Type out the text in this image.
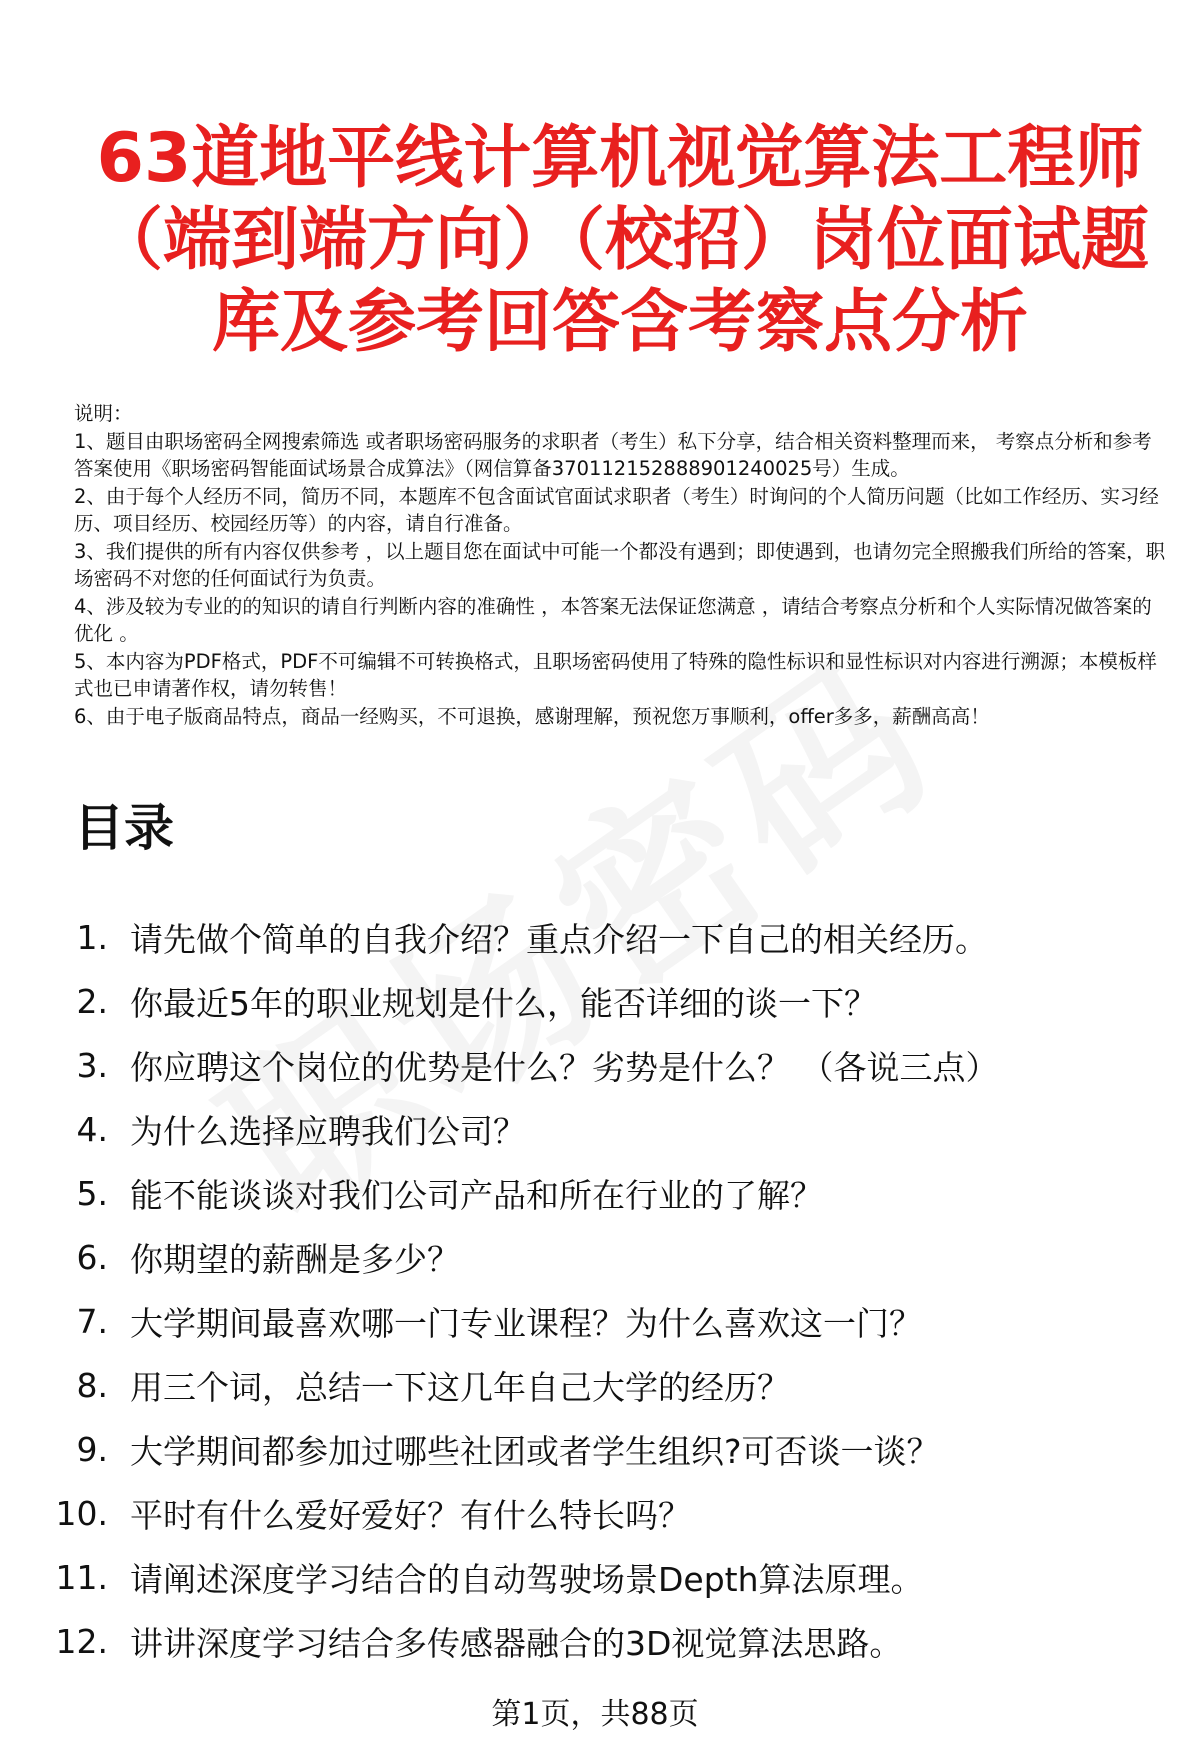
63道地平线计算机视觉算法工程师
（端到端方向）（校招）岗位面试题
库及参考回答含考察点分析

说明：

1、题目由职场密码全网搜索筛选 或者职场密码服务的求职者（考生）私下分享，结合相关资料整理而来， 考察点分析和参考答案使用《职场密码智能面试场景合成算法》（网信算备370112152888901240025号）生成。

2、由于每个人经历不同，简历不同，本题库不包含面试官面试求职者（考生）时询问的个人简历问题（比如工作经历、实习经历、项目经历、校园经历等）的内容，请自行准备。

3、我们提供的所有内容仅供参考 ，以上题目您在面试中可能一个都没有遇到；即使遇到，也请勿完全照搬我们所给的答案，职场密码不对您的任何面试行为负责。

4、涉及较为专业的的知识的请自行判断内容的准确性 ，本答案无法保证您满意 ，请结合考察点分析和个人实际情况做答案的优化 。

5、本内容为PDF格式，PDF不可编辑不可转换格式，且职场密码使用了特殊的隐性标识和显性标识对内容进行溯源；本模板样式也已申请著作权，请勿转售！

6、由于电子版商品特点，商品一经购买，不可退换，感谢理解，预祝您万事顺利，offer多多，薪酬高高！

目录
1. 请先做个简单的自我介绍？重点介绍一下自己的相关经历。
2. 你最近5年的职业规划是什么，能否详细的谈一下？
3. 你应聘这个岗位的优势是什么？劣势是什么？ （各说三点）
4. 为什么选择应聘我们公司？
5. 能不能谈谈对我们公司产品和所在行业的了解？
6. 你期望的薪酬是多少？
7. 大学期间最喜欢哪一门专业课程？为什么喜欢这一门？
8. 用三个词，总结一下这几年自己大学的经历？
9. 大学期间都参加过哪些社团或者学生组织?可否谈一谈？
10. 平时有什么爱好爱好？有什么特长吗？
11. 请阐述深度学习结合的自动驾驶场景Depth算法原理。
12. 讲讲深度学习结合多传感器融合的3D视觉算法思路。
第1页，共88页
